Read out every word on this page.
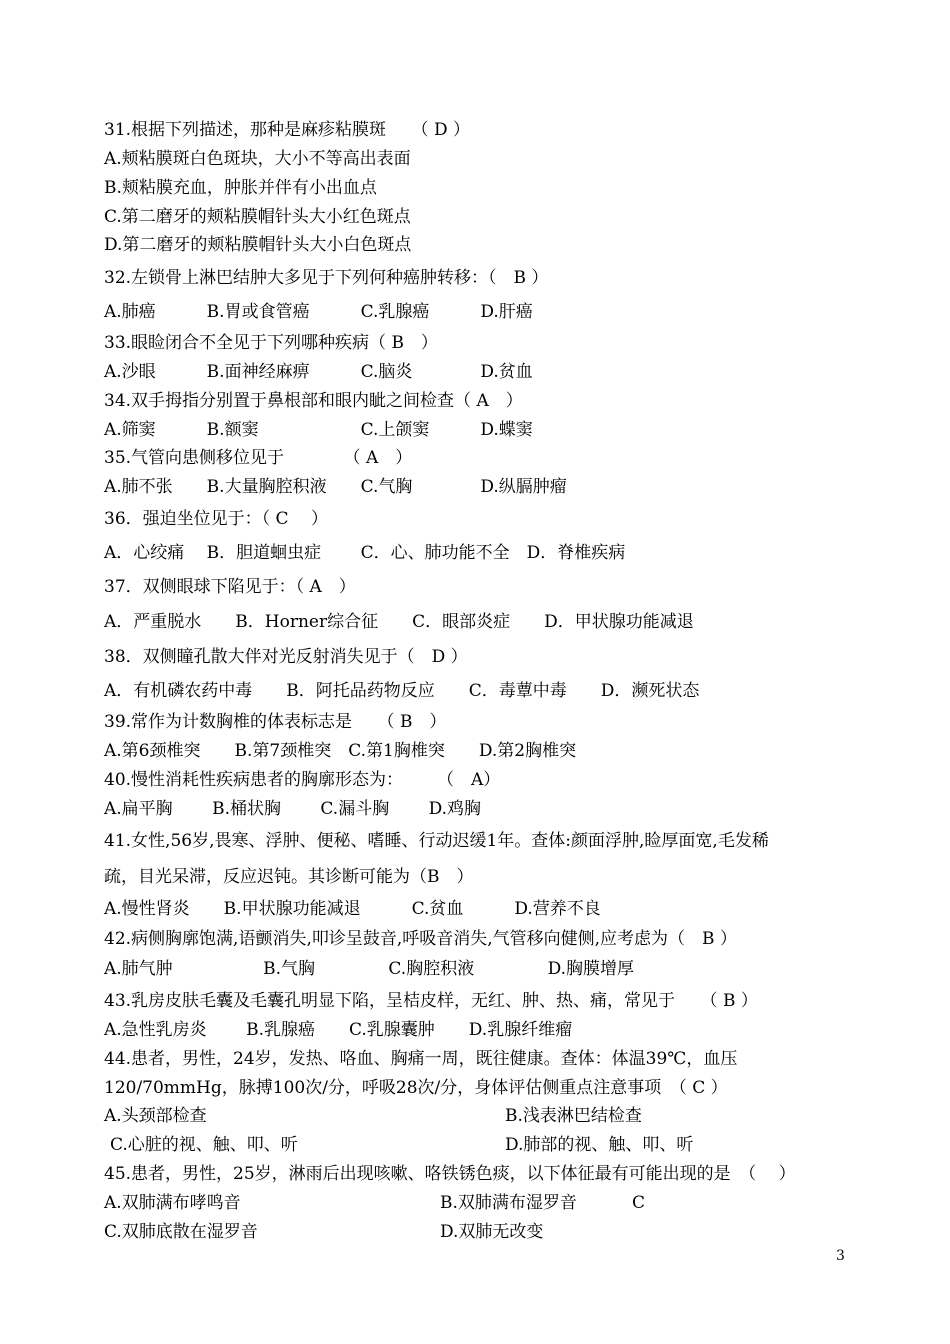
31.根据下列描述，那种是麻疹粘膜斑　　（ D ）
A.颊粘膜斑白色斑块，大小不等高出表面
B.颊粘膜充血，肿胀并伴有小出血点
C.第二磨牙的颊粘膜帽针头大小红色斑点
D.第二磨牙的颊粘膜帽针头大小白色斑点
32.左锁骨上淋巴结肿大多见于下列何种癌肿转移：（　B ）
A.肺癌　　　B.胃或食管癌　　　C.乳腺癌　　　D.肝癌
33.眼睑闭合不全见于下列哪种疾病（ B　）
A.沙眼　　　B.面神经麻痹　　　C.脑炎　　　　D.贫血
34.双手拇指分别置于鼻根部和眼内眦之间检查（ A　）
A.筛窦　　　B.额窦　　　　　　C.上颌窦　　　D.蝶窦
35.气管向患侧移位见于　　　　（ A　）
A.肺不张　　B.大量胸腔积液　　C.气胸　　　　D.纵膈肿瘤
36．强迫坐位见于：（ C　 ）
A．心绞痛　 B．胆道蛔虫症　　 C．心、肺功能不全　D．脊椎疾病
37．双侧眼球下陷见于：（ A　）
A．严重脱水　　B．Horner综合征　　C．眼部炎症　　D．甲状腺功能减退
38．双侧瞳孔散大伴对光反射消失见于（　D ）
A．有机磷农药中毒　　B．阿托品药物反应　　C．毒蕈中毒　　D．濒死状态
39.常作为计数胸椎的体表标志是　　（ B　）
A.第6颈椎突　　B.第7颈椎突　C.第1胸椎突　　D.第2胸椎突
40.慢性消耗性疾病患者的胸廓形态为：　　　（　A）
A.扁平胸　　 B.桶状胸　　 C.漏斗胸　　 D.鸡胸
41.女性,56岁,畏寒、浮肿、便秘、嗜睡、行动迟缓1年。查体:颜面浮肿,睑厚面宽,毛发稀
疏，目光呆滞，反应迟钝。其诊断可能为（B　）
A.慢性肾炎　　B.甲状腺功能减退　　　C.贫血　　　D.营养不良
42.病侧胸廓饱满,语颤消失,叩诊呈鼓音,呼吸音消失,气管移向健侧,应考虑为（　B ）
A.肺气肿　　　　　 B.气胸　　　　 C.胸腔积液　　　　 D.胸膜增厚
43.乳房皮肤毛囊及毛囊孔明显下陷，呈桔皮样，无红、肿、热、痛，常见于　　（ B ）
A.急性乳房炎　　 B.乳腺癌　　C.乳腺囊肿　　D.乳腺纤维瘤
44.患者，男性，24岁，发热、咯血、胸痛一周，既往健康。查体：体温39℃，血压
120/70mmHg，脉搏100次/分，呼吸28次/分，身体评估侧重点注意事项　（ C ）
A.头颈部检查	B.浅表淋巴结检查
C.心脏的视、触、叩、听	D.肺部的视、触、叩、听
45.患者，男性，25岁，淋雨后出现咳嗽、咯铁锈色痰，以下体征最有可能出现的是　（　 ）
A.双肺满布哮鸣音	B.双肺满布湿罗音	C
C.双肺底散在湿罗音	D.双肺无改变
3
